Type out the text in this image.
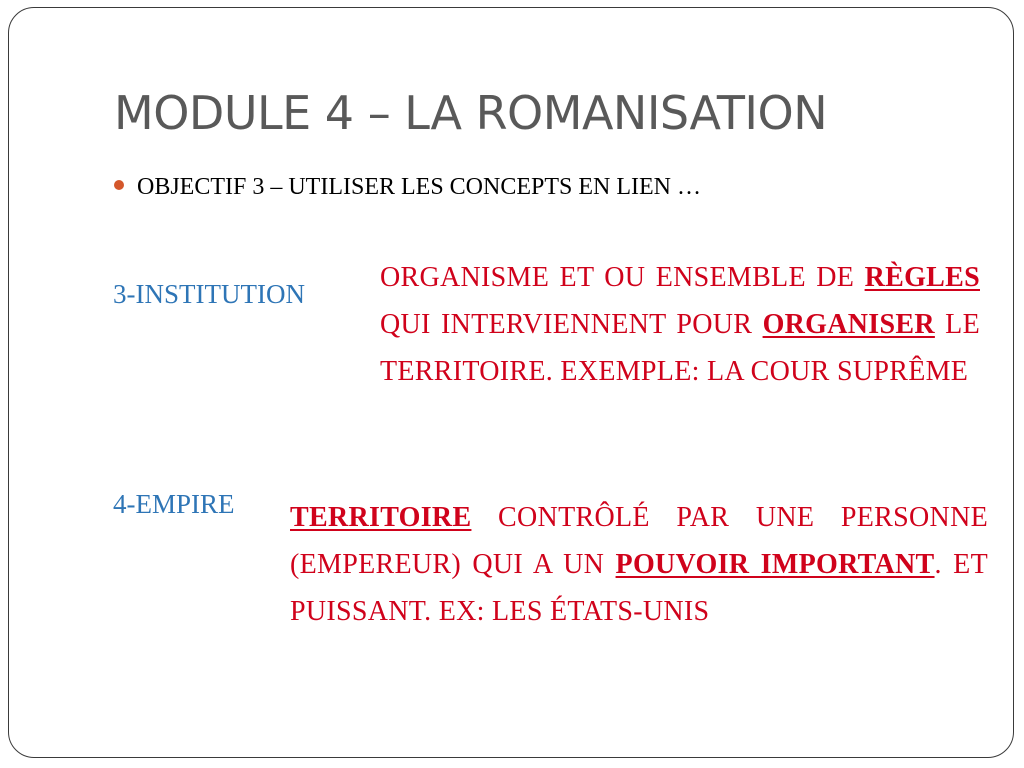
MODULE 4 – LA ROMANISATION
OBJECTIF 3 – UTILISER LES CONCEPTS EN LIEN …
3-INSTITUTION

ORGANISME ET OU ENSEMBLE DE RÈGLES QUI INTERVIENNENT POUR ORGANISER LE TERRITOIRE. EXEMPLE: LA COUR SUPRÊME

4-EMPIRE TERRITOIRE CONTRÔLÉ PAR UNE PERSONNE (EMPEREUR) QUI A UN POUVOIR IMPORTANT. ET PUISSANT. EX: LES ÉTATS-UNIS
